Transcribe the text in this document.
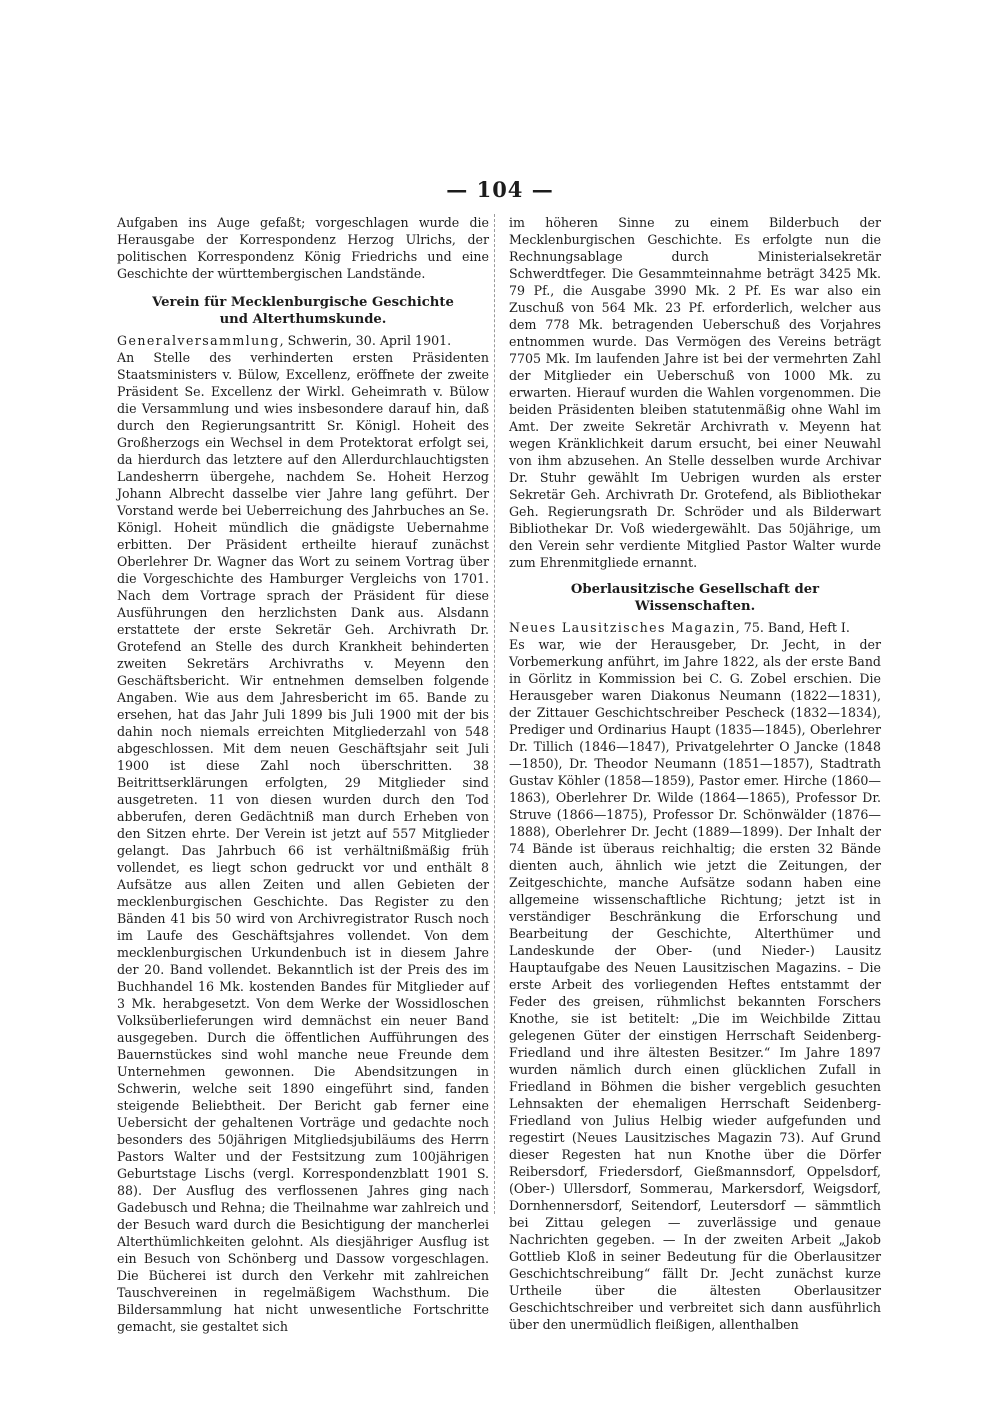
— 104 —

Aufgaben ins Auge gefaßt; vorgeschlagen wurde die Herausgabe der Korrespondenz Herzog Ulrichs, der politischen Korrespondenz König Friedrichs und eine Geschichte der württembergischen Landstände.

Verein für Mecklenburgische Geschichte
und Alterthumskunde.

Generalversammlung, Schwerin, 30. April 1901.

An Stelle des verhinderten ersten Präsidenten Staatsministers v. Bülow, Excellenz, eröffnete der zweite Präsident Se. Excellenz der Wirkl. Geheimrath v. Bülow die Versammlung und wies insbesondere darauf hin, daß durch den Regierungsantritt Sr. Königl. Hoheit des Großherzogs ein Wechsel in dem Protektorat erfolgt sei, da hierdurch das letztere auf den Allerdurchlauchtigsten Landesherrn übergehe, nachdem Se. Hoheit Herzog Johann Albrecht dasselbe vier Jahre lang geführt. Der Vorstand werde bei Ueberreichung des Jahrbuches an Se. Königl. Hoheit mündlich die gnädigste Uebernahme erbitten. Der Präsident ertheilte hierauf zunächst Oberlehrer Dr. Wagner das Wort zu seinem Vortrag über die Vorgeschichte des Hamburger Vergleichs von 1701. Nach dem Vortrage sprach der Präsident für diese Ausführungen den herzlichsten Dank aus. Alsdann erstattete der erste Sekretär Geh. Archivrath Dr. Grotefend an Stelle des durch Krankheit behinderten zweiten Sekretärs Archivraths v. Meyenn den Geschäftsbericht. Wir entnehmen demselben folgende Angaben. Wie aus dem Jahresbericht im 65. Bande zu ersehen, hat das Jahr Juli 1899 bis Juli 1900 mit der bis dahin noch niemals erreichten Mitgliederzahl von 548 abgeschlossen. Mit dem neuen Geschäftsjahr seit Juli 1900 ist diese Zahl noch überschritten. 38 Beitrittserklärungen erfolgten, 29 Mitglieder sind ausgetreten. 11 von diesen wurden durch den Tod abberufen, deren Gedächtniß man durch Erheben von den Sitzen ehrte. Der Verein ist jetzt auf 557 Mitglieder gelangt. Das Jahrbuch 66 ist verhältnißmäßig früh vollendet, es liegt schon gedruckt vor und enthält 8 Aufsätze aus allen Zeiten und allen Gebieten der mecklenburgischen Geschichte. Das Register zu den Bänden 41 bis 50 wird von Archivregistrator Rusch noch im Laufe des Geschäftsjahres vollendet. Von dem mecklenburgischen Urkundenbuch ist in diesem Jahre der 20. Band vollendet. Bekanntlich ist der Preis des im Buchhandel 16 Mk. kostenden Bandes für Mitglieder auf 3 Mk. herabgesetzt. Von dem Werke der Wossidloschen Volksüberlieferungen wird demnächst ein neuer Band ausgegeben. Durch die öffentlichen Aufführungen des Bauernstückes sind wohl manche neue Freunde dem Unternehmen gewonnen. Die Abendsitzungen in Schwerin, welche seit 1890 eingeführt sind, fanden steigende Beliebtheit. Der Bericht gab ferner eine Uebersicht der gehaltenen Vorträge und gedachte noch besonders des 50jährigen Mitgliedsjubiläums des Herrn Pastors Walter und der Festsitzung zum 100jährigen Geburtstage Lischs (vergl. Korrespondenzblatt 1901 S. 88). Der Ausflug des verflossenen Jahres ging nach Gadebusch und Rehna; die Theilnahme war zahlreich und der Besuch ward durch die Besichtigung der mancherlei Alterthümlichkeiten gelohnt. Als diesjähriger Ausflug ist ein Besuch von Schönberg und Dassow vorgeschlagen. Die Bücherei ist durch den Verkehr mit zahlreichen Tauschvereinen in regelmäßigem Wachsthum. Die Bildersammlung hat nicht unwesentliche Fortschritte gemacht, sie gestaltet sich

im höheren Sinne zu einem Bilderbuch der Mecklenburgischen Geschichte. Es erfolgte nun die Rechnungsablage durch Ministerialsekretär Schwerdtfeger. Die Gesammteinnahme beträgt 3425 Mk. 79 Pf., die Ausgabe 3990 Mk. 2 Pf. Es war also ein Zuschuß von 564 Mk. 23 Pf. erforderlich, welcher aus dem 778 Mk. betragenden Ueberschuß des Vorjahres entnommen wurde. Das Vermögen des Vereins beträgt 7705 Mk. Im laufenden Jahre ist bei der vermehrten Zahl der Mitglieder ein Ueberschuß von 1000 Mk. zu erwarten. Hierauf wurden die Wahlen vorgenommen. Die beiden Präsidenten bleiben statutenmäßig ohne Wahl im Amt. Der zweite Sekretär Archivrath v. Meyenn hat wegen Kränklichkeit darum ersucht, bei einer Neuwahl von ihm abzusehen. An Stelle desselben wurde Archivar Dr. Stuhr gewählt Im Uebrigen wurden als erster Sekretär Geh. Archivrath Dr. Grotefend, als Bibliothekar Geh. Regierungsrath Dr. Schröder und als Bilderwart Bibliothekar Dr. Voß wiedergewählt. Das 50jährige, um den Verein sehr verdiente Mitglied Pastor Walter wurde zum Ehrenmitgliede ernannt.

Oberlausitzische Gesellschaft der Wissenschaften.

Neues Lausitzisches Magazin, 75. Band, Heft I.

Es war, wie der Herausgeber, Dr. Jecht, in der Vorbemerkung anführt, im Jahre 1822, als der erste Band in Görlitz in Kommission bei C. G. Zobel erschien. Die Herausgeber waren Diakonus Neumann (1822—1831), der Zittauer Geschichtschreiber Pescheck (1832—1834), Prediger und Ordinarius Haupt (1835—1845), Oberlehrer Dr. Tillich (1846—1847), Privatgelehrter O Jancke (1848—1850), Dr. Theodor Neumann (1851—1857), Stadtrath Gustav Köhler (1858—1859), Pastor emer. Hirche (1860—1863), Oberlehrer Dr. Wilde (1864—1865), Professor Dr. Struve (1866—1875), Professor Dr. Schönwälder (1876—1888), Oberlehrer Dr. Jecht (1889—1899). Der Inhalt der 74 Bände ist überaus reichhaltig; die ersten 32 Bände dienten auch, ähnlich wie jetzt die Zeitungen, der Zeitgeschichte, manche Aufsätze sodann haben eine allgemeine wissenschaftliche Richtung; jetzt ist in verständiger Beschränkung die Erforschung und Bearbeitung der Geschichte, Alterthümer und Landeskunde der Ober- (und Nieder-) Lausitz Hauptaufgabe des Neuen Lausitzischen Magazins. – Die erste Arbeit des vorliegenden Heftes entstammt der Feder des greisen, rühmlichst bekannten Forschers Knothe, sie ist betitelt: „Die im Weichbilde Zittau gelegenen Güter der einstigen Herrschaft Seidenberg-Friedland und ihre ältesten Besitzer.“ Im Jahre 1897 wurden nämlich durch einen glücklichen Zufall in Friedland in Böhmen die bisher vergeblich gesuchten Lehnsakten der ehemaligen Herrschaft Seidenberg-Friedland von Julius Helbig wieder aufgefunden und regestirt (Neues Lausitzisches Magazin 73). Auf Grund dieser Regesten hat nun Knothe über die Dörfer Reibersdorf, Friedersdorf, Gießmannsdorf, Oppelsdorf, (Ober-) Ullersdorf, Sommerau, Markersdorf, Weigsdorf, Dornhennersdorf, Seitendorf, Leutersdorf — sämmtlich bei Zittau gelegen — zuverlässige und genaue Nachrichten gegeben. — In der zweiten Arbeit „Jakob Gottlieb Kloß in seiner Bedeutung für die Oberlausitzer Geschichtschreibung“ fällt Dr. Jecht zunächst kurze Urtheile über die ältesten Oberlausitzer Geschichtschreiber und verbreitet sich dann ausführlich über den unermüdlich fleißigen, allenthalben
